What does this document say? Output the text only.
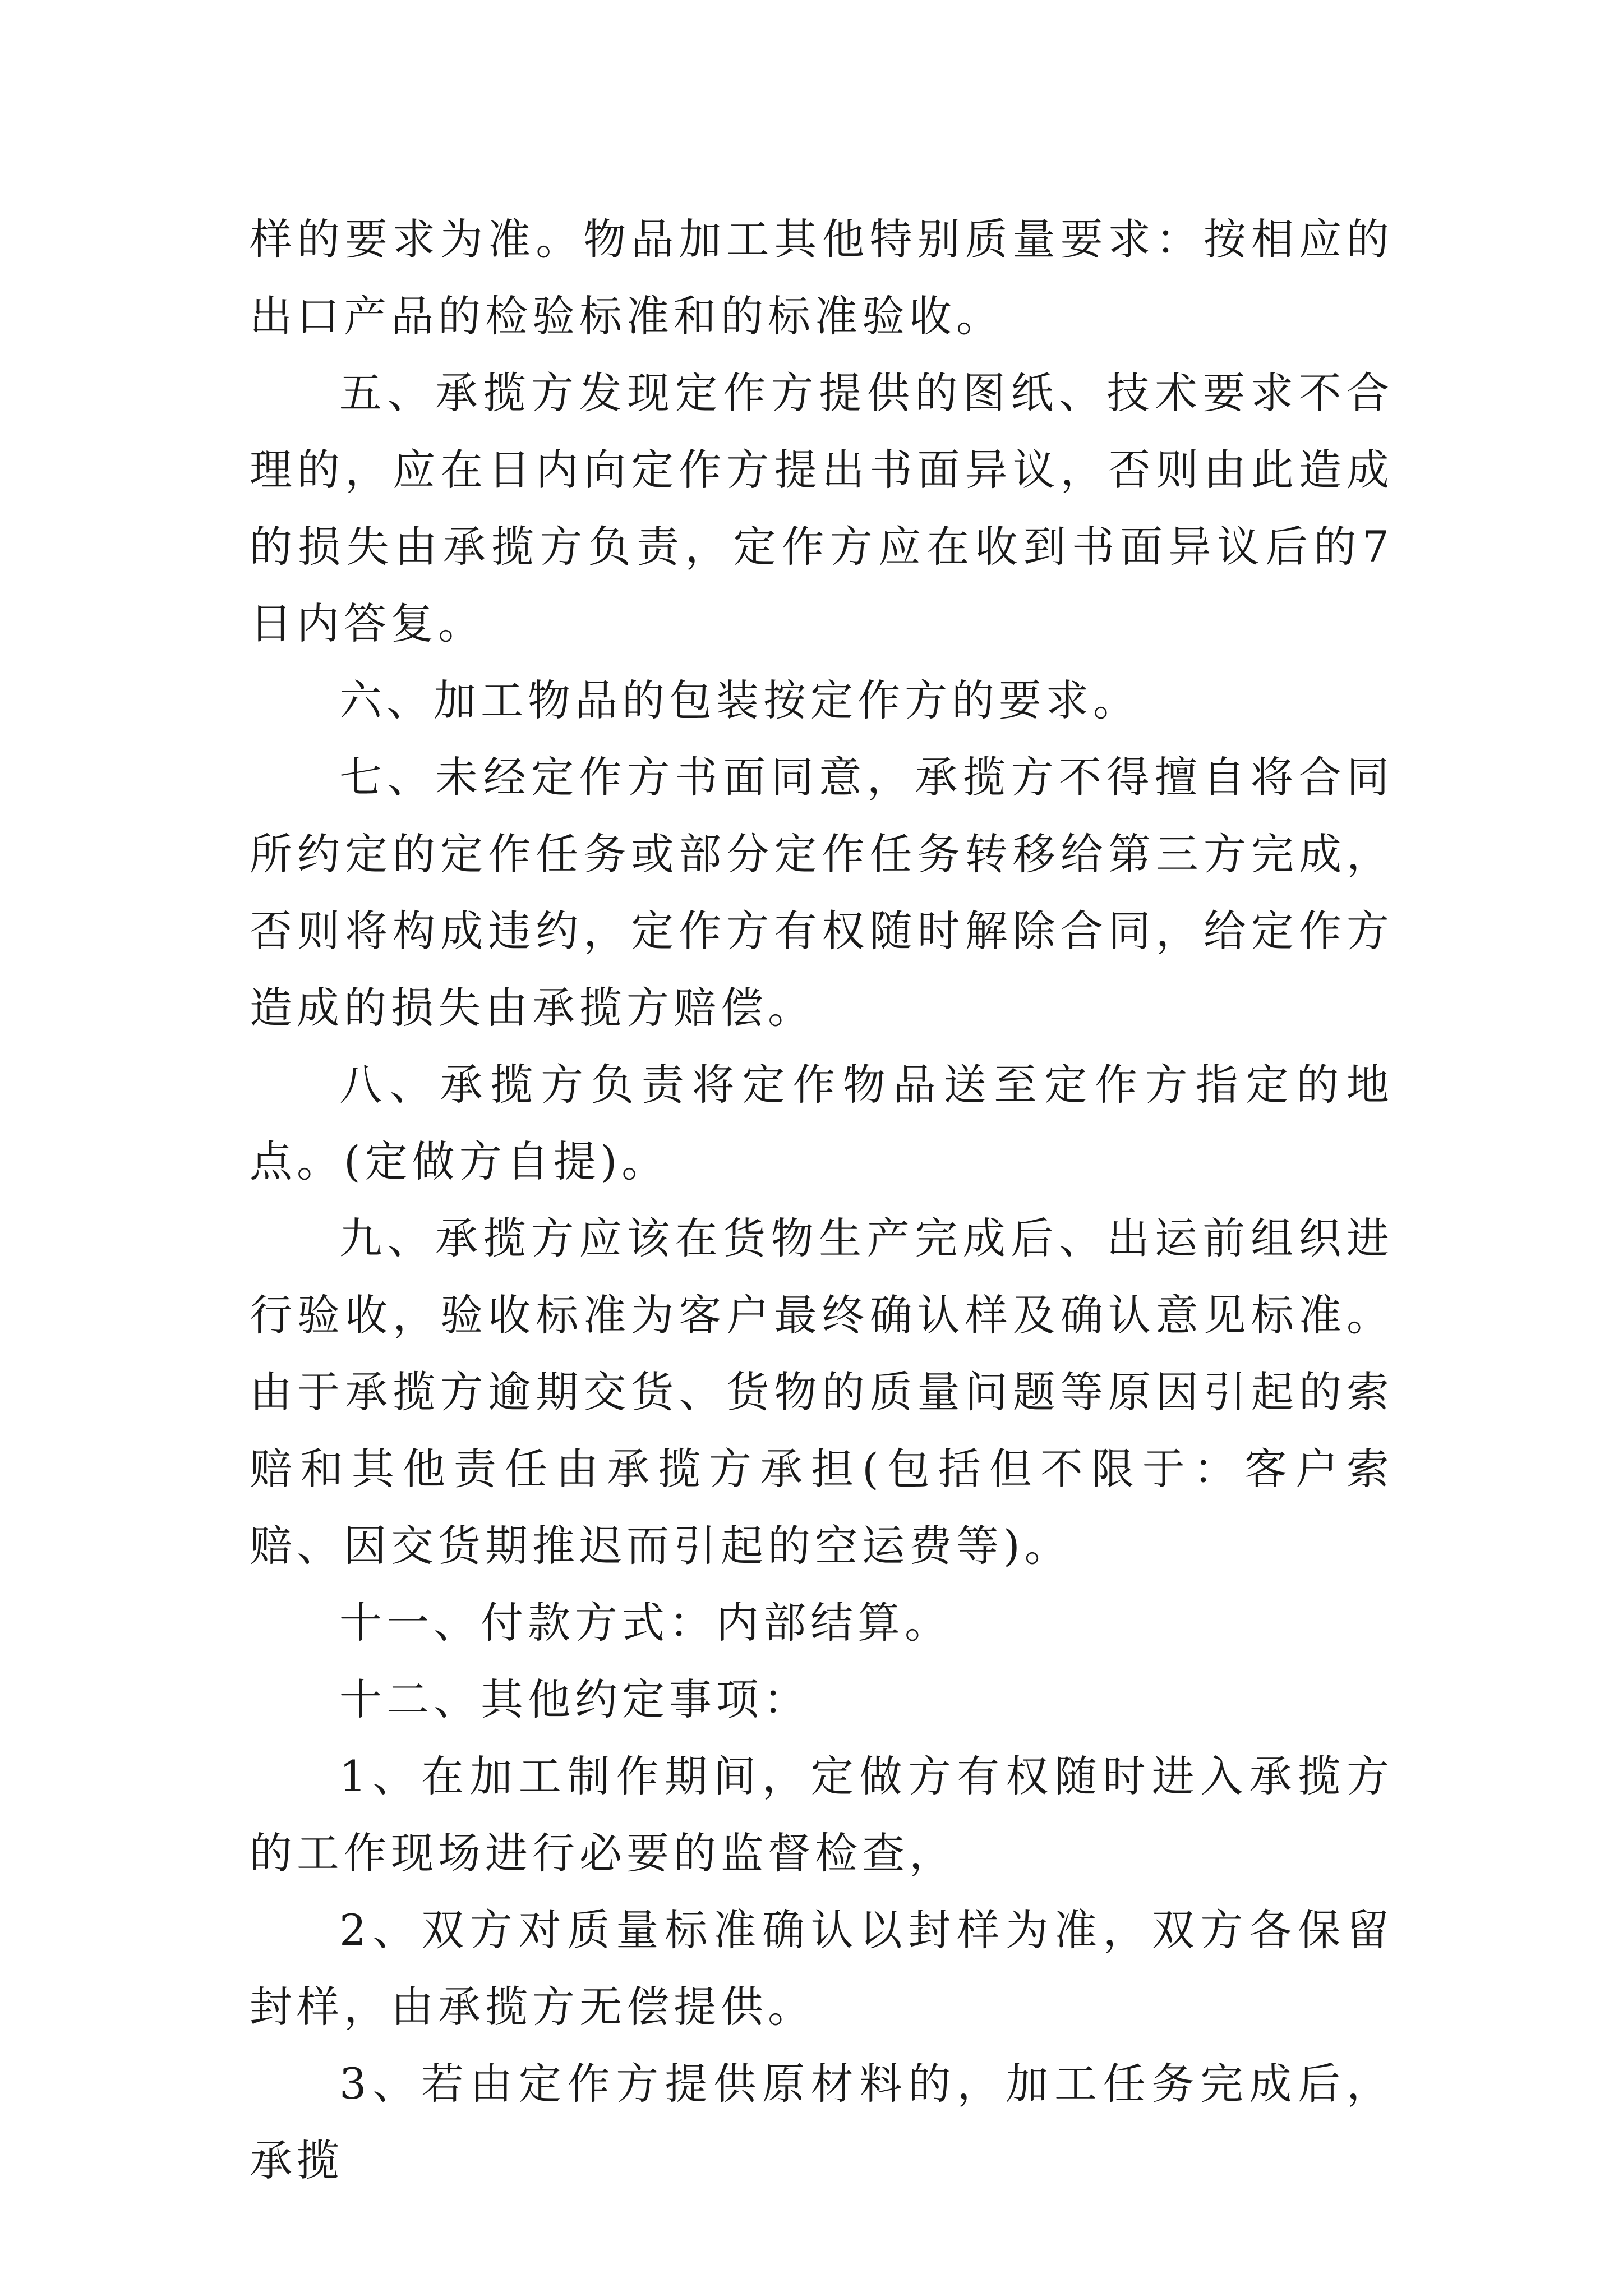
样的要求为准。物品加工其他特别质量要求：按相应的出口产品的检验标准和的标准验收。

五、承揽方发现定作方提供的图纸、技术要求不合理的，应在日内向定作方提出书面异议，否则由此造成的损失由承揽方负责，定作方应在收到书面异议后的7日内答复。

六、加工物品的包装按定作方的要求。

七、未经定作方书面同意，承揽方不得擅自将合同所约定的定作任务或部分定作任务转移给第三方完成，否则将构成违约，定作方有权随时解除合同，给定作方造成的损失由承揽方赔偿。

八、承揽方负责将定作物品送至定作方指定的地点。(定做方自提)。

九、承揽方应该在货物生产完成后、出运前组织进行验收，验收标准为客户最终确认样及确认意见标准。由于承揽方逾期交货、货物的质量问题等原因引起的索赔和其他责任由承揽方承担(包括但不限于：客户索赔、因交货期推迟而引起的空运费等)。

十一、付款方式：内部结算。

十二、其他约定事项：

1、在加工制作期间，定做方有权随时进入承揽方的工作现场进行必要的监督检查，

2、双方对质量标准确认以封样为准，双方各保留封样，由承揽方无偿提供。

3、若由定作方提供原材料的，加工任务完成后，承揽
